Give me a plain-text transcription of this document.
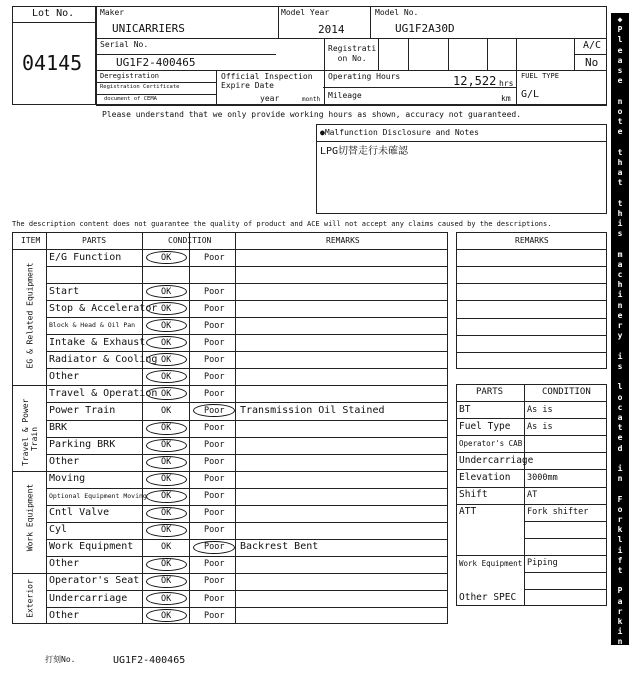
Lot No.
04145
Maker
UNICARRIERS
Model Year
2014
Model No.
UG1F2A30D
Serial No.
UG1F2-400465
Registrati
on No.
A/C
No
Deregistration
Registration Certificate
document of CEMA
Official Inspection
Expire Date
year	month
Operating Hours	12,522 hrs
Mileage	km
FUEL TYPE
G/L
Please understand that we only provide working hours as shown, accuracy not guaranteed.
●Malfunction Disclosure and Notes
LPG切替走行未確認
The description content does not guarantee the quality of product and ACE will not accept any claims caused by the descriptions.
E/G Function	OK	Poor
Start	OK	Poor
Stop & Accelerator OK	Poor
Block & Head & Oil Pan	OK	Poor
Intake & Exhaust OK	Poor
Radiator & Cooling OK	Poor
Other	OK	Poor
Travel & Operation OK	Poor
Power Train	OK	Poor Transmission Oil Stained
BRK	OK	Poor
Parking BRK	OK	Poor
Other	OK	Poor
Moving	OK	Poor
Optional Equipment Moving OK	Poor
Cntl Valve	OK	Poor
Cyl	OK	Poor
Work Equipment	OK	Poor Backrest Bent
Other	OK	Poor
Operator's Seat	OK	Poor
Undercarriage	OK	Poor
Other	OK	Poor
ITEM	PARTS	CONDITION	REMARKS
EG & Related Equipment
Travel & Power
Train
Work Equipment
Exterior
REMARKS
BT	As is
Fuel Type As is
Operator's CAB
Undercarriage
Elevation 3000mm
Shift	AT
ATT	Fork shifter
Work Equipment Piping
Other SPEC
PARTS	CONDITION
◆
P
l
e
a
s
e

n
o
t
e

t
h
a
t

t
h
i
s

m
a
c
h
i
n
e
r
y

i
s

l
o
c
a
t
e
d

i
n

F
o
r
k
l
i
f
t

P
a
r
k
i
n
g
◆
打刻No.	UG1F2-400465
